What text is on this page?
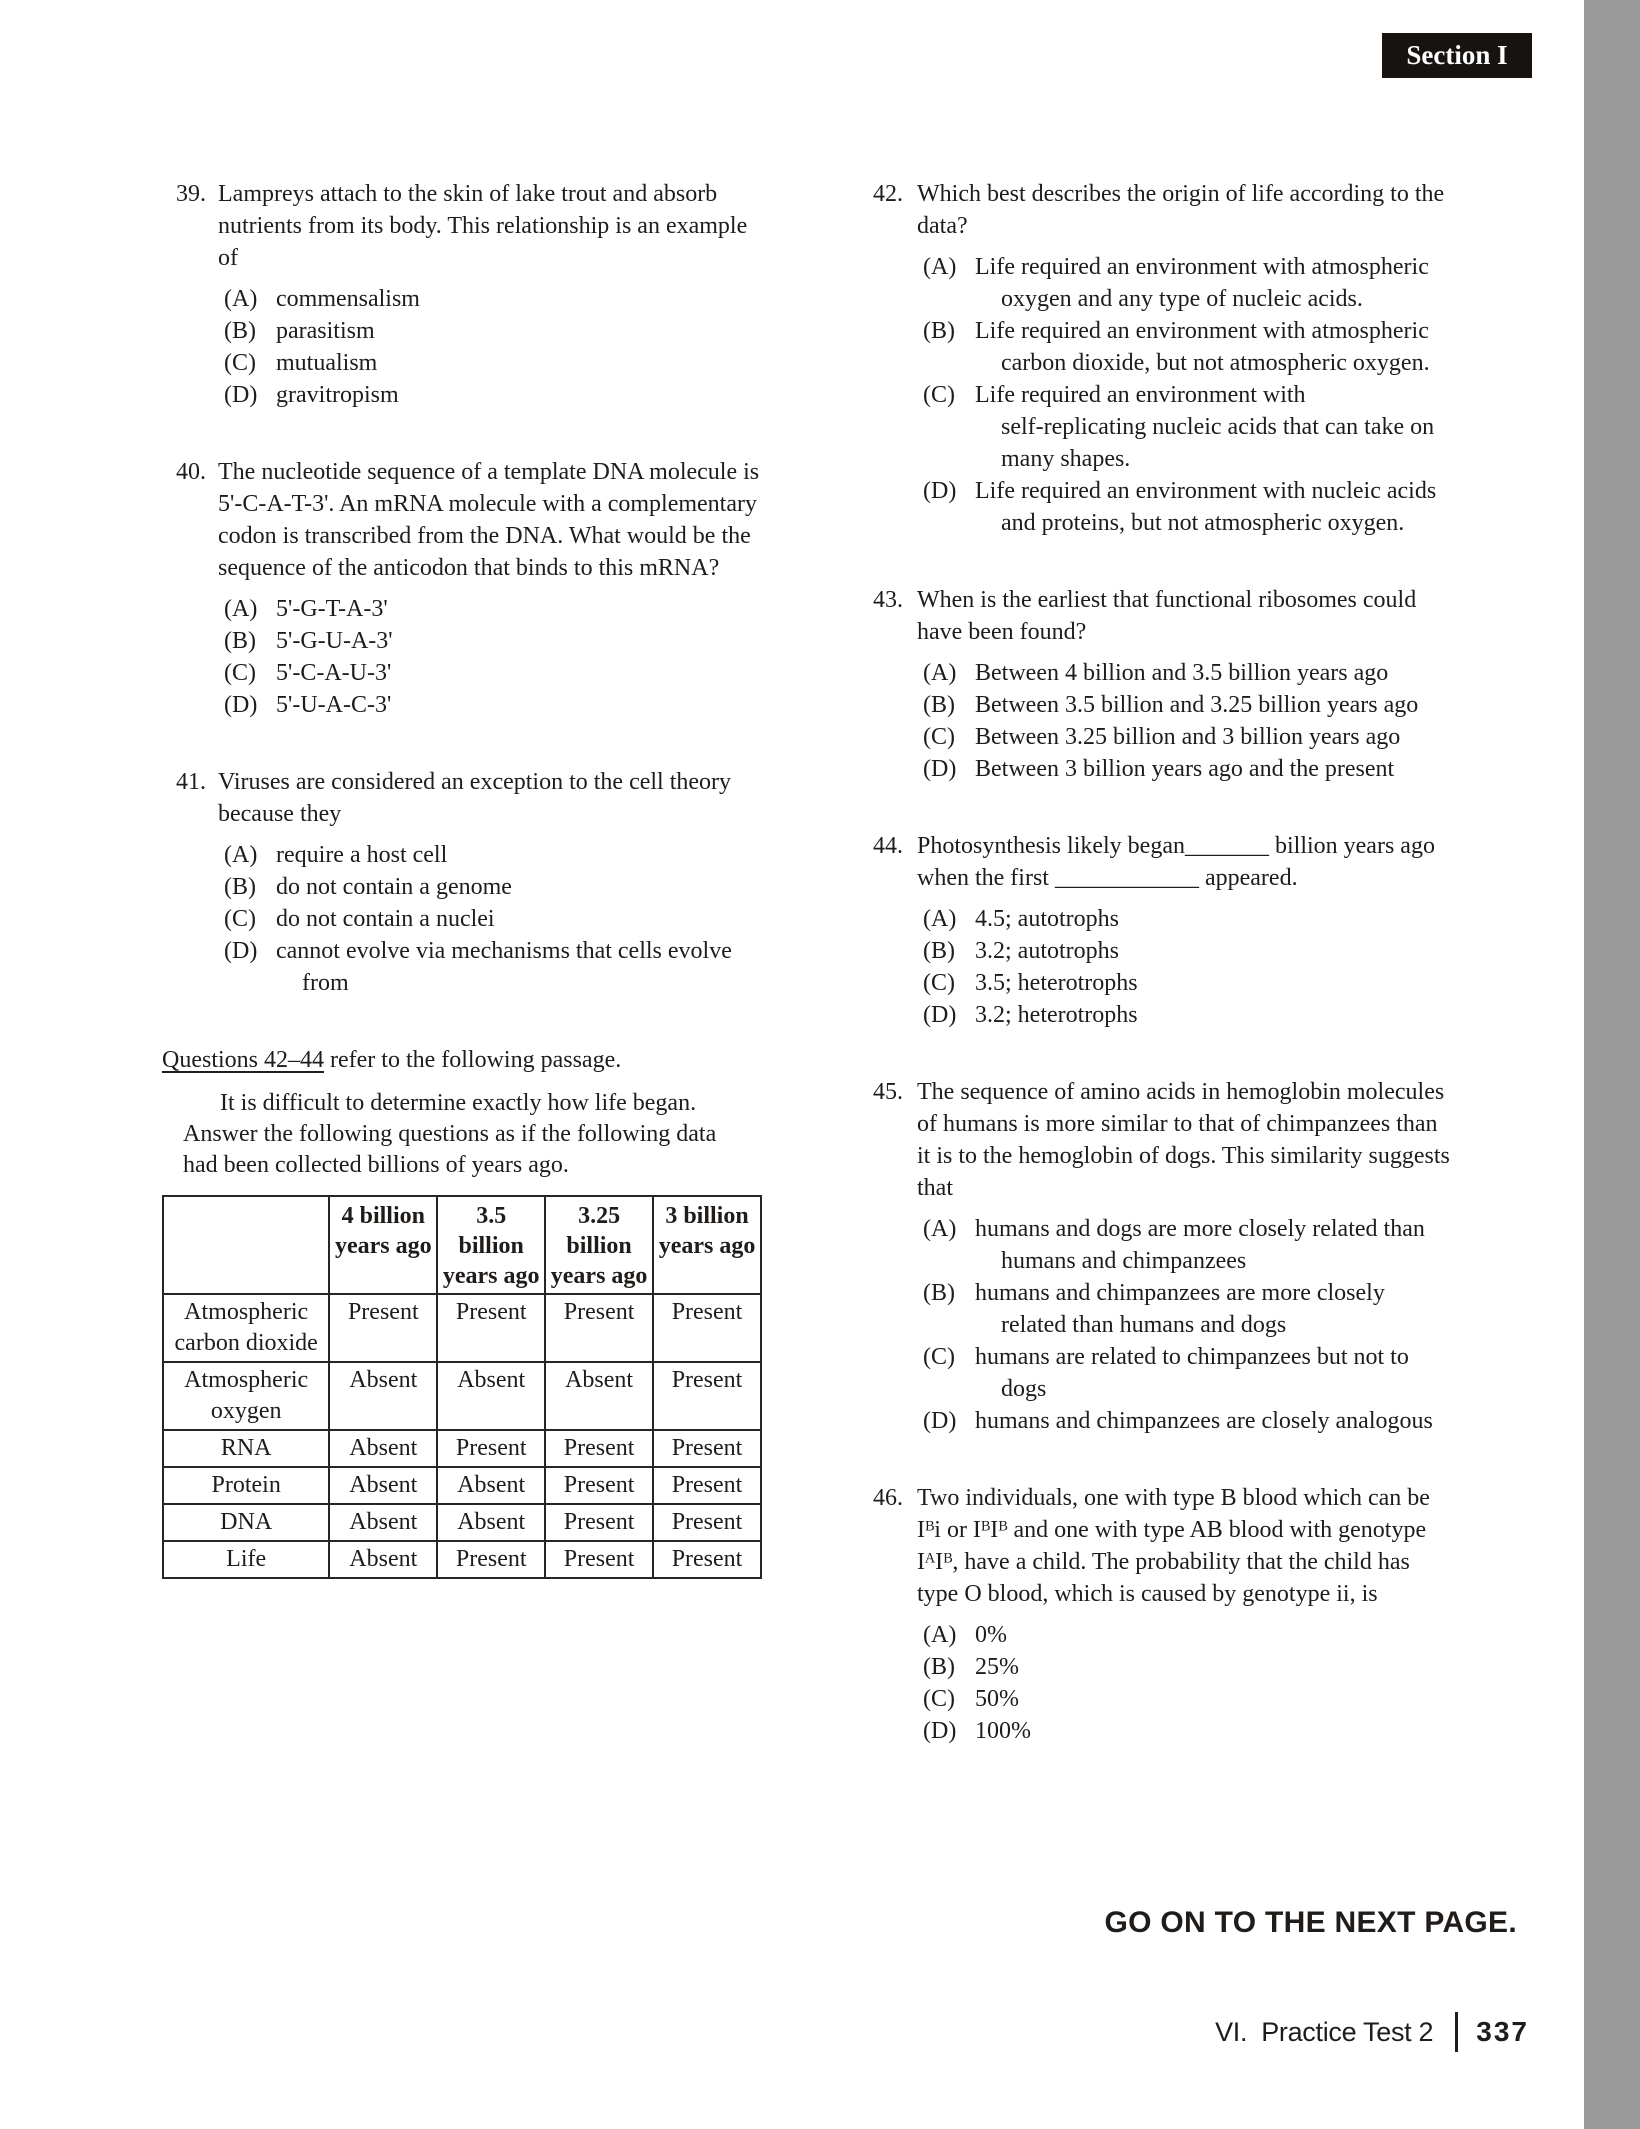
Section I
39. Lampreys attach to the skin of lake trout and absorb nutrients from its body. This relationship is an example of
(A) commensalism
(B) parasitism
(C) mutualism
(D) gravitropism
40. The nucleotide sequence of a template DNA molecule is 5'-C-A-T-3'. An mRNA molecule with a complementary codon is transcribed from the DNA. What would be the sequence of the anticodon that binds to this mRNA?
(A) 5'-G-T-A-3'
(B) 5'-G-U-A-3'
(C) 5'-C-A-U-3'
(D) 5'-U-A-C-3'
41. Viruses are considered an exception to the cell theory because they
(A) require a host cell
(B) do not contain a genome
(C) do not contain a nuclei
(D) cannot evolve via mechanisms that cells evolve from
Questions 42–44 refer to the following passage.
It is difficult to determine exactly how life began. Answer the following questions as if the following data had been collected billions of years ago.
	4 billion years ago	3.5 billion years ago	3.25 billion years ago	3 billion years ago
Atmospheric carbon dioxide	Present	Present	Present	Present
Atmospheric oxygen	Absent	Absent	Absent	Present
RNA	Absent	Present	Present	Present
Protein	Absent	Absent	Present	Present
DNA	Absent	Absent	Present	Present
Life	Absent	Present	Present	Present
42. Which best describes the origin of life according to the data?
(A) Life required an environment with atmospheric oxygen and any type of nucleic acids.
(B) Life required an environment with atmospheric carbon dioxide, but not atmospheric oxygen.
(C) Life required an environment with self‑replicating nucleic acids that can take on many shapes.
(D) Life required an environment with nucleic acids and proteins, but not atmospheric oxygen.
43. When is the earliest that functional ribosomes could have been found?
(A) Between 4 billion and 3.5 billion years ago
(B) Between 3.5 billion and 3.25 billion years ago
(C) Between 3.25 billion and 3 billion years ago
(D) Between 3 billion years ago and the present
44. Photosynthesis likely began_______ billion years ago when the first ____________ appeared.
(A) 4.5; autotrophs
(B) 3.2; autotrophs
(C) 3.5; heterotrophs
(D) 3.2; heterotrophs
45. The sequence of amino acids in hemoglobin molecules of humans is more similar to that of chimpanzees than it is to the hemoglobin of dogs. This similarity suggests that
(A) humans and dogs are more closely related than humans and chimpanzees
(B) humans and chimpanzees are more closely related than humans and dogs
(C) humans are related to chimpanzees but not to dogs
(D) humans and chimpanzees are closely analogous
46. Two individuals, one with type B blood which can be Iᴮi or IᴮIᴮ and one with type AB blood with genotype IᴬIᴮ, have a child. The probability that the child has type O blood, which is caused by genotype ii, is
(A) 0%
(B) 25%
(C) 50%
(D) 100%
GO ON TO THE NEXT PAGE.
VI. Practice Test 2 337
